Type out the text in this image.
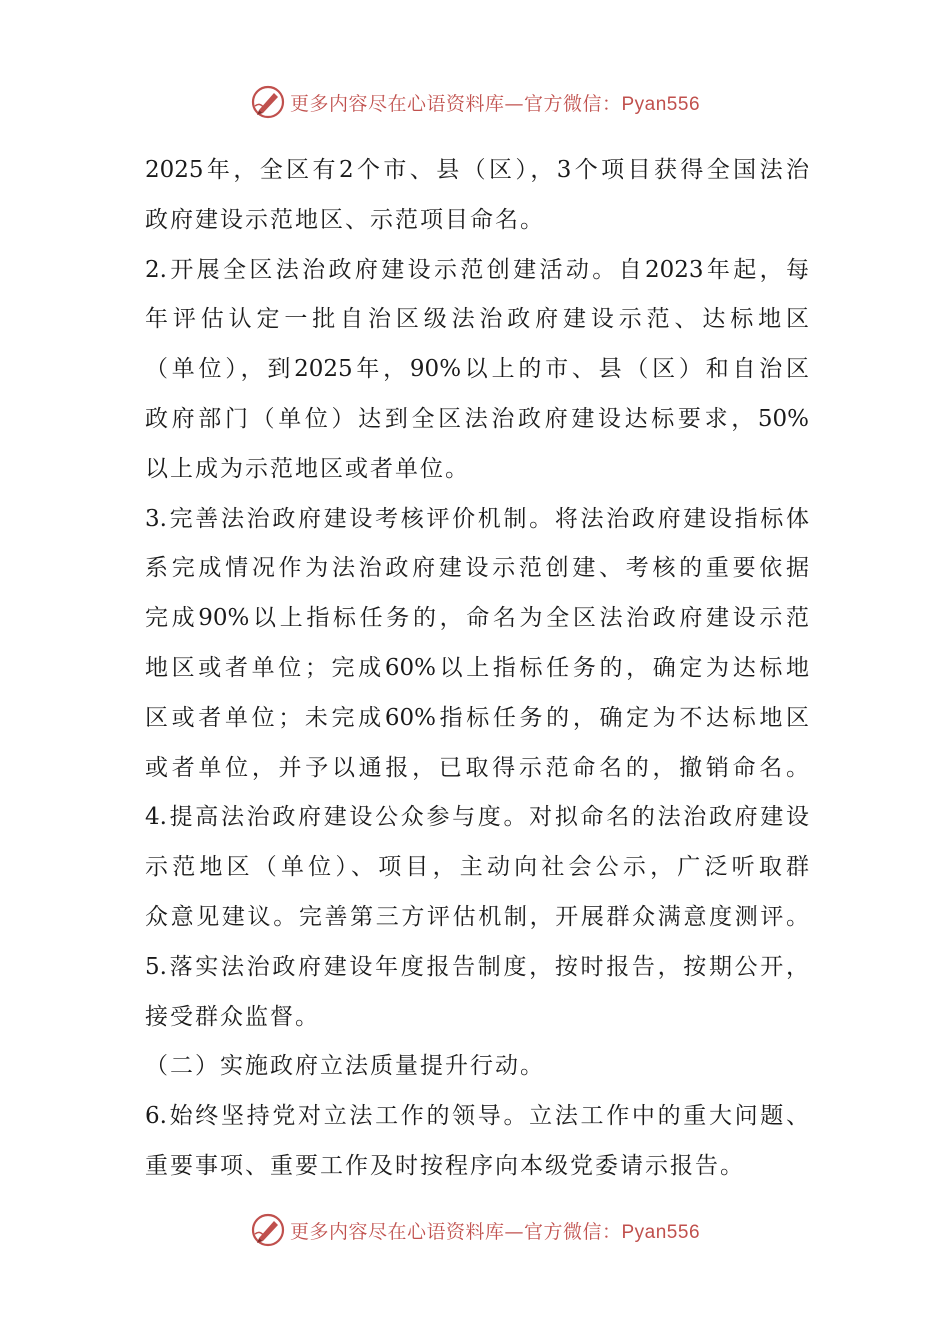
更多内容尽在心语资料库—官方微信：Pyan556
2025年，全区有2个市、县（区），3个项目获得全国法治
政府建设示范地区、示范项目命名。
2.开展全区法治政府建设示范创建活动。自2023年起，每
年评估认定一批自治区级法治政府建设示范、达标地区
（单位），到2025年，90%以上的市、县（区）和自治区
政府部门（单位）达到全区法治政府建设达标要求，50%
以上成为示范地区或者单位。
3.完善法治政府建设考核评价机制。将法治政府建设指标体
系完成情况作为法治政府建设示范创建、考核的重要依据
完成90%以上指标任务的，命名为全区法治政府建设示范
地区或者单位；完成60%以上指标任务的，确定为达标地
区或者单位；未完成60%指标任务的，确定为不达标地区
或者单位，并予以通报，已取得示范命名的，撤销命名。
4.提高法治政府建设公众参与度。对拟命名的法治政府建设
示范地区（单位）、项目，主动向社会公示，广泛听取群
众意见建议。完善第三方评估机制，开展群众满意度测评。
5.落实法治政府建设年度报告制度，按时报告，按期公开，
接受群众监督。
（二）实施政府立法质量提升行动。
6.始终坚持党对立法工作的领导。立法工作中的重大问题、
重要事项、重要工作及时按程序向本级党委请示报告。
更多内容尽在心语资料库—官方微信：Pyan556
